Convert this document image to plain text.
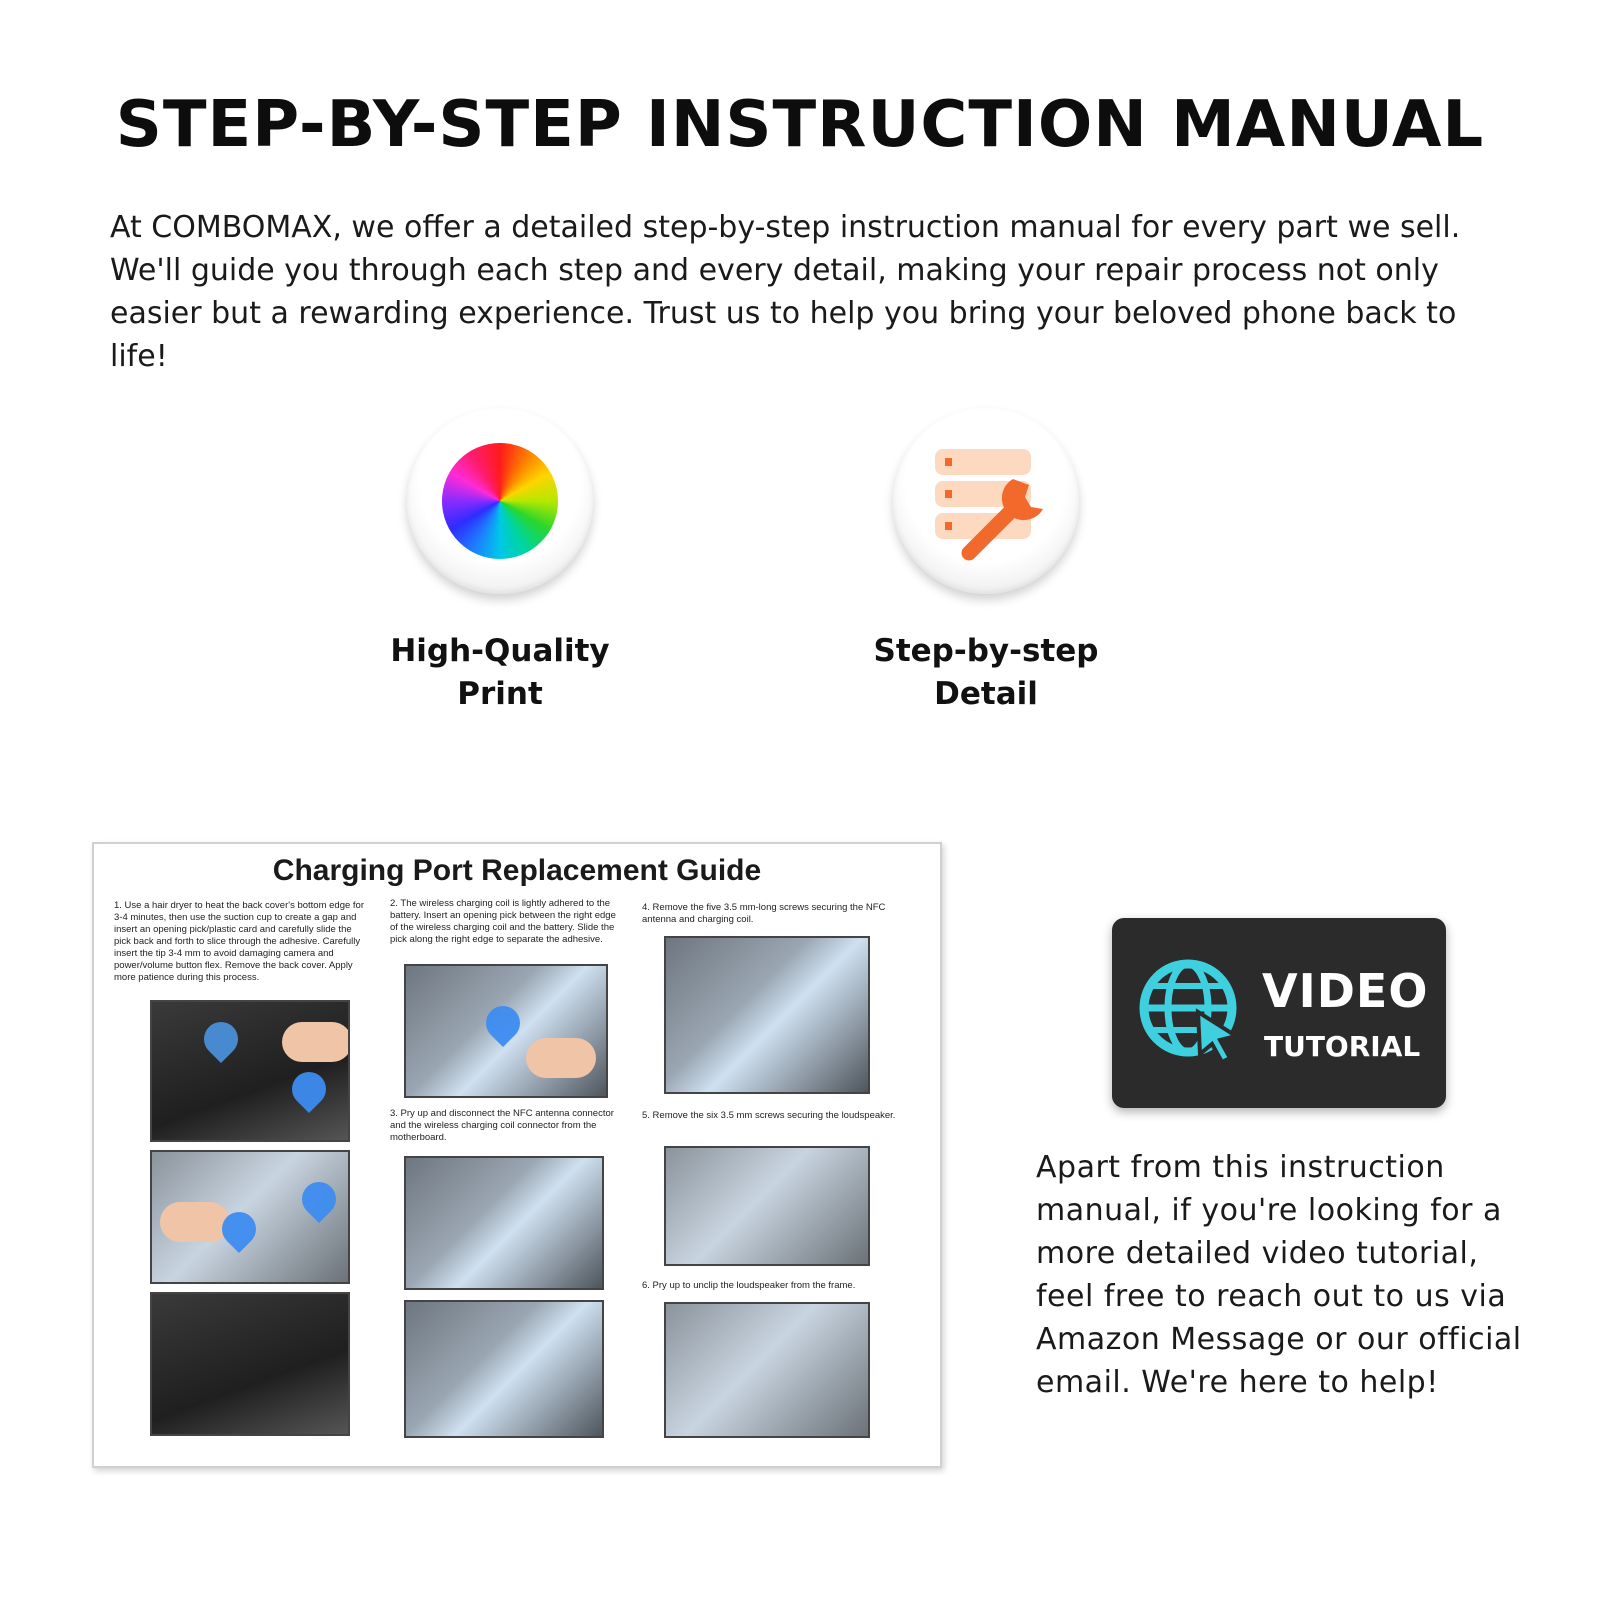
STEP-BY-STEP INSTRUCTION MANUAL

At COMBOMAX, we offer a detailed step-by-step instruction manual for every part we sell. We'll guide you through each step and every detail, making your repair process not only easier but a rewarding experience. Trust us to help you bring your beloved phone back to life!

High-Quality
Print
Step-by-step
Detail
Charging Port Replacement Guide
1. Use a hair dryer to heat the back cover's bottom edge for 3-4 minutes, then use the suction cup to create a gap and insert an opening pick/plastic card and carefully slide the pick back and forth to slice through the adhesive. Carefully insert the tip 3-4 mm to avoid damaging camera and power/volume button flex. Remove the back cover. Apply more patience during this process.
2. The wireless charging coil is lightly adhered to the battery. Insert an opening pick between the right edge of the wireless charging coil and the battery. Slide the pick along the right edge to separate the adhesive.
4. Remove the five 3.5 mm-long screws securing the NFC antenna and charging coil.
3. Pry up and disconnect the NFC antenna connector and the wireless charging coil connector from the motherboard.
5. Remove the six 3.5 mm screws securing the loudspeaker.
6. Pry up to unclip the loudspeaker from the frame.
VIDEO
TUTORIAL

Apart from this instruction manual, if you're looking for a more detailed video tutorial, feel free to reach out to us via Amazon Message or our official email. We're here to help!
